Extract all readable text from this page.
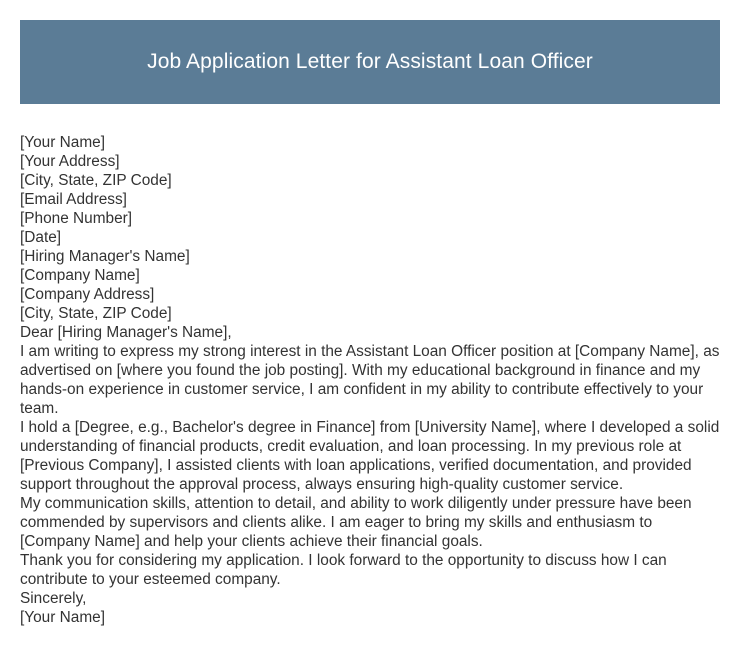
Job Application Letter for Assistant Loan Officer

[Your Name]

[Your Address]

[City, State, ZIP Code]

[Email Address]

[Phone Number]

[Date]

[Hiring Manager's Name]

[Company Name]

[Company Address]

[City, State, ZIP Code]

Dear [Hiring Manager's Name],

I am writing to express my strong interest in the Assistant Loan Officer position at [Company Name], as advertised on [where you found the job posting]. With my educational background in finance and my hands-on experience in customer service, I am confident in my ability to contribute effectively to your team.

I hold a [Degree, e.g., Bachelor's degree in Finance] from [University Name], where I developed a solid understanding of financial products, credit evaluation, and loan processing. In my previous role at [Previous Company], I assisted clients with loan applications, verified documentation, and provided support throughout the approval process, always ensuring high-quality customer service.

My communication skills, attention to detail, and ability to work diligently under pressure have been commended by supervisors and clients alike. I am eager to bring my skills and enthusiasm to [Company Name] and help your clients achieve their financial goals.

Thank you for considering my application. I look forward to the opportunity to discuss how I can contribute to your esteemed company.

Sincerely,

[Your Name]
